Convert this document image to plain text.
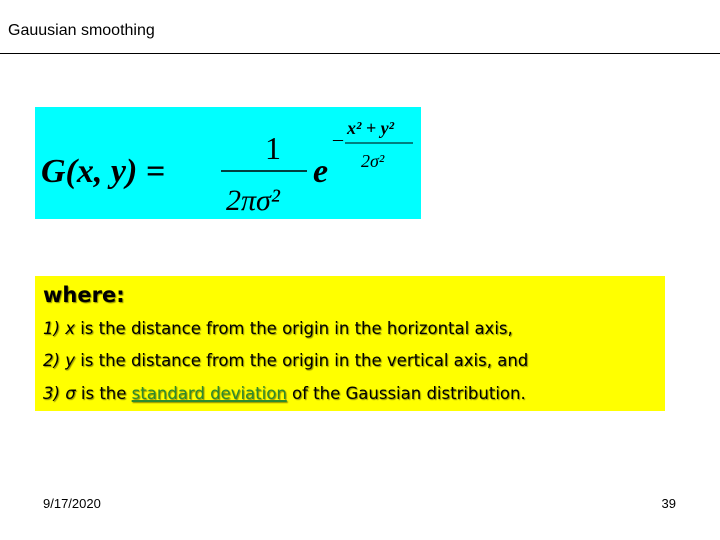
Gauusian smoothing
G(x, y) =
1
2πσ²
e
– x² + y²
2σ²
where:
1) x is the distance from the origin in the horizontal axis,
2) y is the distance from the origin in the vertical axis, and
3) σ is the standard deviation of the Gaussian distribution.
9/17/2020	39
